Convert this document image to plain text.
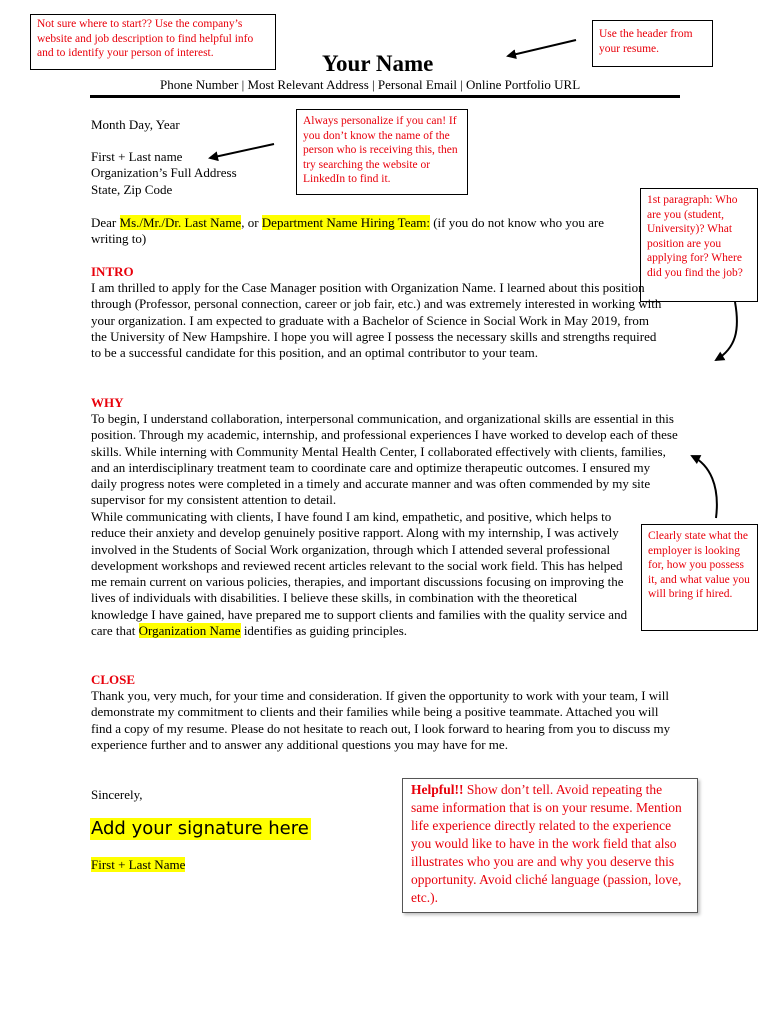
Not sure where to start?? Use the company’s website and job description to find helpful info and to identify your person of interest.
Use the header from your resume.
Your Name
Phone Number | Most Relevant Address | Personal Email | Online Portfolio URL
Month Day, Year
First + Last name
Organization’s Full Address
State, Zip Code
Always personalize if you can! If you don’t know the name of the person who is receiving this, then try searching the website or LinkedIn to find it.
Dear Ms./Mr./Dr. Last Name, or Department Name Hiring Team: (if you do not know who you are writing to)
1st paragraph: Who are you (student, University)? What position are you applying for? Where did you find the job?
INTRO
I am thrilled to apply for the Case Manager position with Organization Name. I learned about this position through (Professor, personal connection, career or job fair, etc.) and was extremely interested in working with your organization. I am expected to graduate with a Bachelor of Science in Social Work in May 2019, from the University of New Hampshire. I hope you will agree I possess the necessary skills and strengths required to be a successful candidate for this position, and an optimal contributor to your team.
WHY
To begin, I understand collaboration, interpersonal communication, and organizational skills are essential in this position. Through my academic, internship, and professional experiences I have worked to develop each of these skills. While interning with Community Mental Health Center, I collaborated effectively with clients, families, and an interdisciplinary treatment team to coordinate care and optimize therapeutic outcomes. I ensured my daily progress notes were completed in a timely and accurate manner and was often commended by my site supervisor for my consistent attention to detail.
While communicating with clients, I have found I am kind, empathetic, and positive, which helps to reduce their anxiety and develop genuinely positive rapport. Along with my internship, I was actively involved in the Students of Social Work organization, through which I attended several professional development workshops and reviewed recent articles relevant to the social work field. This has helped me remain current on various policies, therapies, and important discussions focusing on improving the lives of individuals with disabilities. I believe these skills, in combination with the theoretical knowledge I have gained, have prepared me to support clients and families with the quality service and care that Organization Name identifies as guiding principles.
Clearly state what the employer is looking for, how you possess it, and what value you will bring if hired.
CLOSE
Thank you, very much, for your time and consideration. If given the opportunity to work with your team, I will demonstrate my commitment to clients and their families while being a positive teammate. Attached you will find a copy of my resume. Please do not hesitate to reach out, I look forward to hearing from you to discuss my experience further and to answer any additional questions you may have for me.
Sincerely,
Add your signature here
First + Last Name
Helpful!! Show don’t tell. Avoid repeating the same information that is on your resume. Mention life experience directly related to the experience you would like to have in the work field that also illustrates who you are and why you deserve this opportunity. Avoid cliché language (passion, love, etc.).
